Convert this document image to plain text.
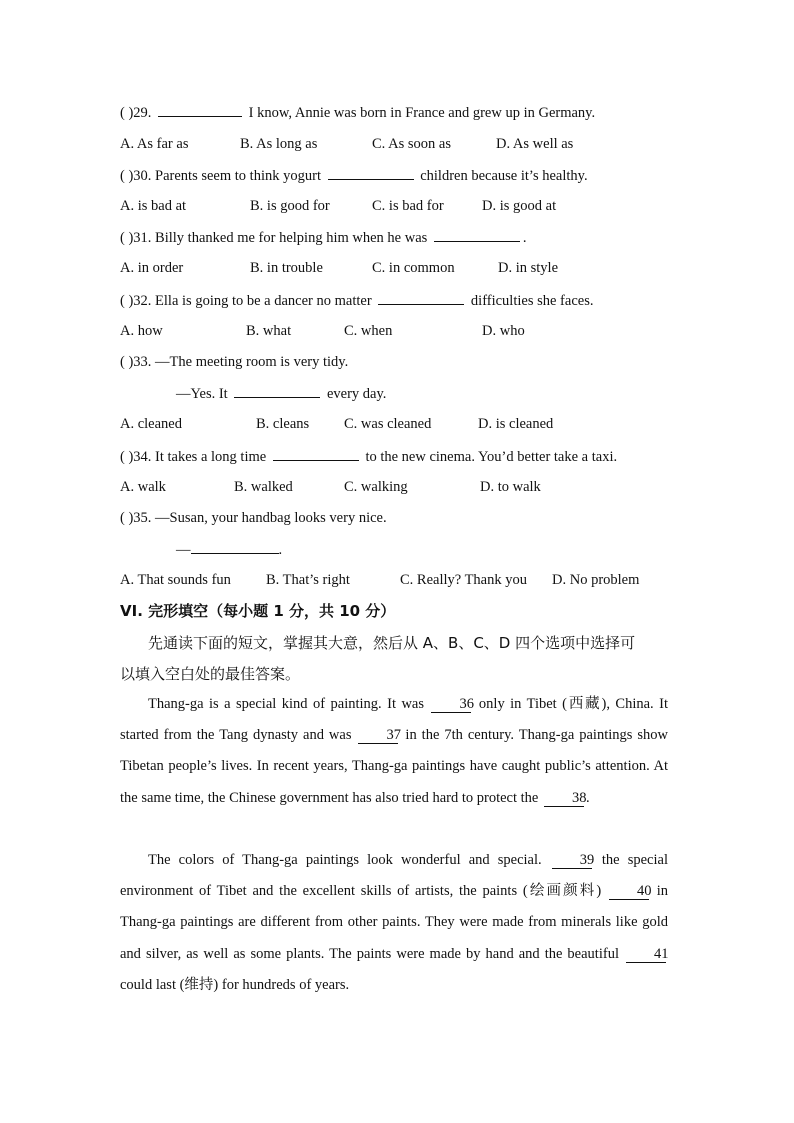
( )29.	I know, Annie was born in France and grew up in Germany.
A. As far as	B. As long as	C. As soon as	D. As well as
( )30. Parents seem to think yogurt	children because it’s healthy.
A. is bad at	B. is good for	C. is bad for	D. is good at
( )31. Billy thanked me for helping him when he was	.
A. in order	B. in trouble	C. in common	D. in style
( )32. Ella is going to be a dancer no matter	difficulties she faces.
A. how	B. what	C. when	D. who
( )33. —The meeting room is very tidy.
—Yes. It	every day.
A. cleaned	B. cleans C. was cleaned	D. is cleaned
( )34. It takes a long time	to the new cinema. You’d better take a taxi.
A. walk	B. walked	C. walking	D. to walk
( )35. —Susan, your handbag looks very nice.
—	.
A. That sounds fun B. That’s right	C. Really? Thank you D. No problem
VI. 完形填空（每小题 1 分，共 10 分）
先通读下面的短文，掌握其大意，然后从 A、B、C、D 四个选项中选择可
以填入空白处的最佳答案。
Thang-ga is a special kind of painting. It was 36 only in Tibet (西藏), China. It started from the Tang dynasty and was 37 in the 7th century. Thang-ga paintings show Tibetan people’s lives. In recent years, Thang-ga paintings have caught public’s attention. At the same time, the Chinese government has also tried hard to protect the 38.
The colors of Thang-ga paintings look wonderful and special. 39 the special environment of Tibet and the excellent skills of artists, the paints (绘画颜料) 40 in Thang-ga paintings are different from other paints. They were made from minerals like gold and silver, as well as some plants. The paints were made by hand and the beautiful 41 could last (维持) for hundreds of years.
